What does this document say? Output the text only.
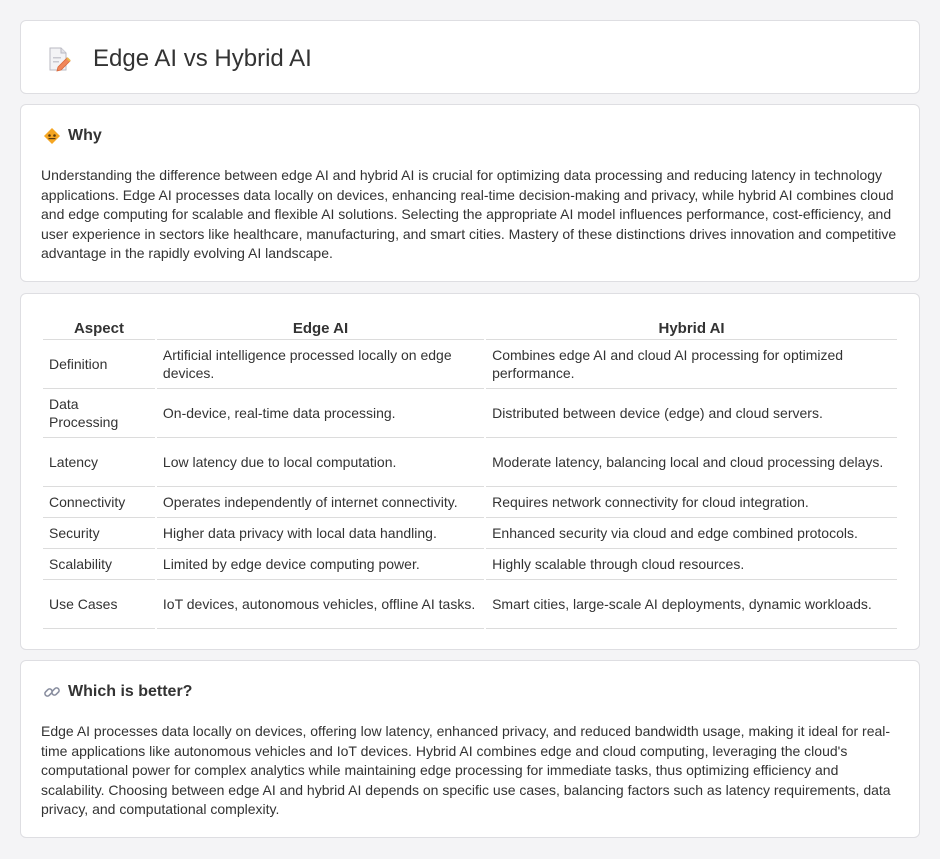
Edge AI vs Hybrid AI
Why

Understanding the difference between edge AI and hybrid AI is crucial for optimizing data processing and reducing latency in technology applications. Edge AI processes data locally on devices, enhancing real-time decision-making and privacy, while hybrid AI combines cloud and edge computing for scalable and flexible AI solutions. Selecting the appropriate AI model influences performance, cost-efficiency, and user experience in sectors like healthcare, manufacturing, and smart cities. Mastery of these distinctions drives innovation and competitive advantage in the rapidly evolving AI landscape.

Aspect	Edge AI	Hybrid AI
Definition	Artificial intelligence processed locally on edge devices.	Combines edge AI and cloud AI processing for optimized performance.
Data Processing	On-device, real-time data processing.	Distributed between device (edge) and cloud servers.
Latency	Low latency due to local computation.	Moderate latency, balancing local and cloud processing delays.
Connectivity	Operates independently of internet connectivity.	Requires network connectivity for cloud integration.
Security	Higher data privacy with local data handling.	Enhanced security via cloud and edge combined protocols.
Scalability	Limited by edge device computing power.	Highly scalable through cloud resources.
Use Cases	IoT devices, autonomous vehicles, offline AI tasks.	Smart cities, large-scale AI deployments, dynamic workloads.
Which is better?

Edge AI processes data locally on devices, offering low latency, enhanced privacy, and reduced bandwidth usage, making it ideal for real-time applications like autonomous vehicles and IoT devices. Hybrid AI combines edge and cloud computing, leveraging the cloud's computational power for complex analytics while maintaining edge processing for immediate tasks, thus optimizing efficiency and scalability. Choosing between edge AI and hybrid AI depends on specific use cases, balancing factors such as latency requirements, data privacy, and computational complexity.
